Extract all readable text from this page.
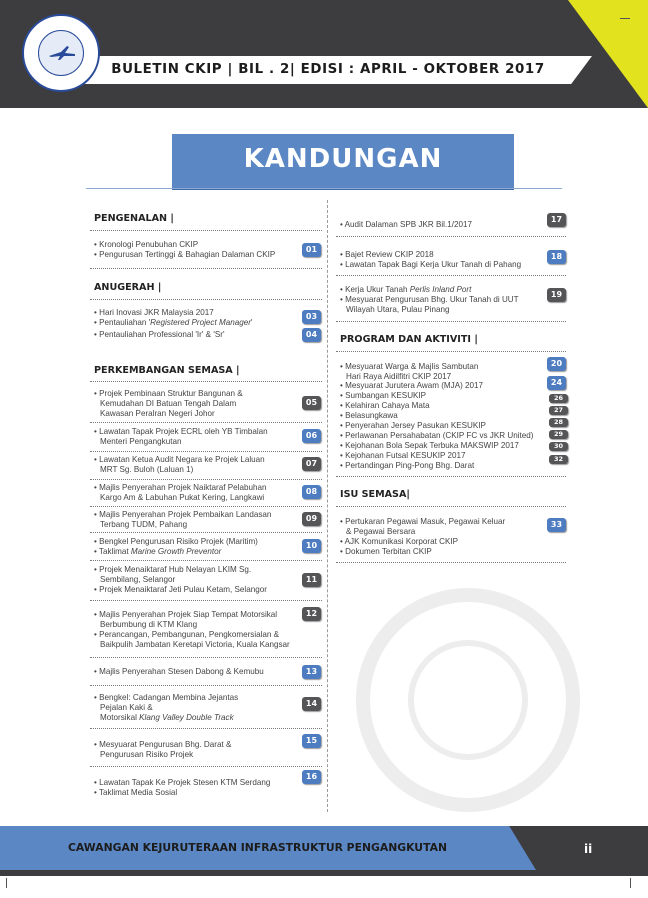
BULETIN CKIP | BIL . 2| EDISI : APRIL - OKTOBER 2017
KANDUNGAN
PENGENALAN |
• Kronologi Penubuhan CKIP
• Pengurusan Tertinggi & Bahagian Dalaman CKIP
01
ANUGERAH |
• Hari Inovasi JKR Malaysia 2017
• Pentauliahan 'Registered Project Manager'
• Pentauliahan Professional 'Ir' & 'Sr'
03
04
PERKEMBANGAN SEMASA |
• Projek Pembinaan Struktur Bangunan &
Kemudahan DI Batuan Tengah Dalam
Kawasan Peralran Negeri Johor
05
• Lawatan Tapak Projek ECRL oleh YB Timbalan
Menteri Pengangkutan
06
• Lawatan Ketua Audit Negara ke Projek Laluan
MRT Sg. Buloh (Laluan 1)
07
• Majlis Penyerahan Projek Naiktaraf Pelabuhan
Kargo Am & Labuhan Pukat Kering, Langkawi
08
• Majlis Penyerahan Projek Pembaikan Landasan
Terbang TUDM, Pahang
09
• Bengkel Pengurusan Risiko Projek (Maritim)
• Taklimat Marine Growth Preventor
10
• Projek Menaiktaraf Hub Nelayan LKIM Sg.
Sembilang, Selangor
• Projek Menaiktaraf Jeti Pulau Ketam, Selangor
11
• Majlis Penyerahan Projek Siap Tempat Motorsikal
Berbumbung di KTM Klang
• Perancangan, Pembangunan, Pengkomersialan &
Baikpulih Jambatan Keretapi Victoria, Kuala Kangsar
12
• Majlis Penyerahan Stesen Dabong & Kemubu	13
• Bengkel: Cadangan Membina Jejantas
Pejalan Kaki &
Motorsikal Klang Valley Double Track
14
• Mesyuarat Pengurusan Bhg. Darat &
Pengurusan Risiko Projek
15
• Lawatan Tapak Ke Projek Stesen KTM Serdang
• Taklimat Media Sosial
16
• Audit Dalaman SPB JKR Bil.1/2017
17
• Bajet Review CKIP 2018
• Lawatan Tapak Bagi Kerja Ukur Tanah di Pahang
18
• Kerja Ukur Tanah Perlis Inland Port
• Mesyuarat Pengurusan Bhg. Ukur Tanah di UUT
Wilayah Utara, Pulau Pinang
19
PROGRAM DAN AKTIVITI |
• Mesyuarat Warga & Majlis Sambutan
Hari Raya Aidilfitri CKIP 2017
• Mesyuarat Jurutera Awam (MJA) 2017
• Sumbangan KESUKIP
• Kelahiran Cahaya Mata
• Belasungkawa
• Penyerahan Jersey Pasukan KESUKIP
• Perlawanan Persahabatan (CKIP FC vs JKR United)
• Kejohanan Bola Sepak Terbuka MAKSWIP 2017
• Kejohanan Futsal KESUKIP 2017
• Pertandingan Ping-Pong Bhg. Darat
20
24
26
27
28
29
30
32
ISU SEMASA|
• Pertukaran Pegawai Masuk, Pegawai Keluar
& Pegawai Bersara
• AJK Komunikasi Korporat CKIP
• Dokumen Terbitan CKIP
33
CAWANGAN KEJURUTERAAN INFRASTRUKTUR PENGANGKUTAN	ii
